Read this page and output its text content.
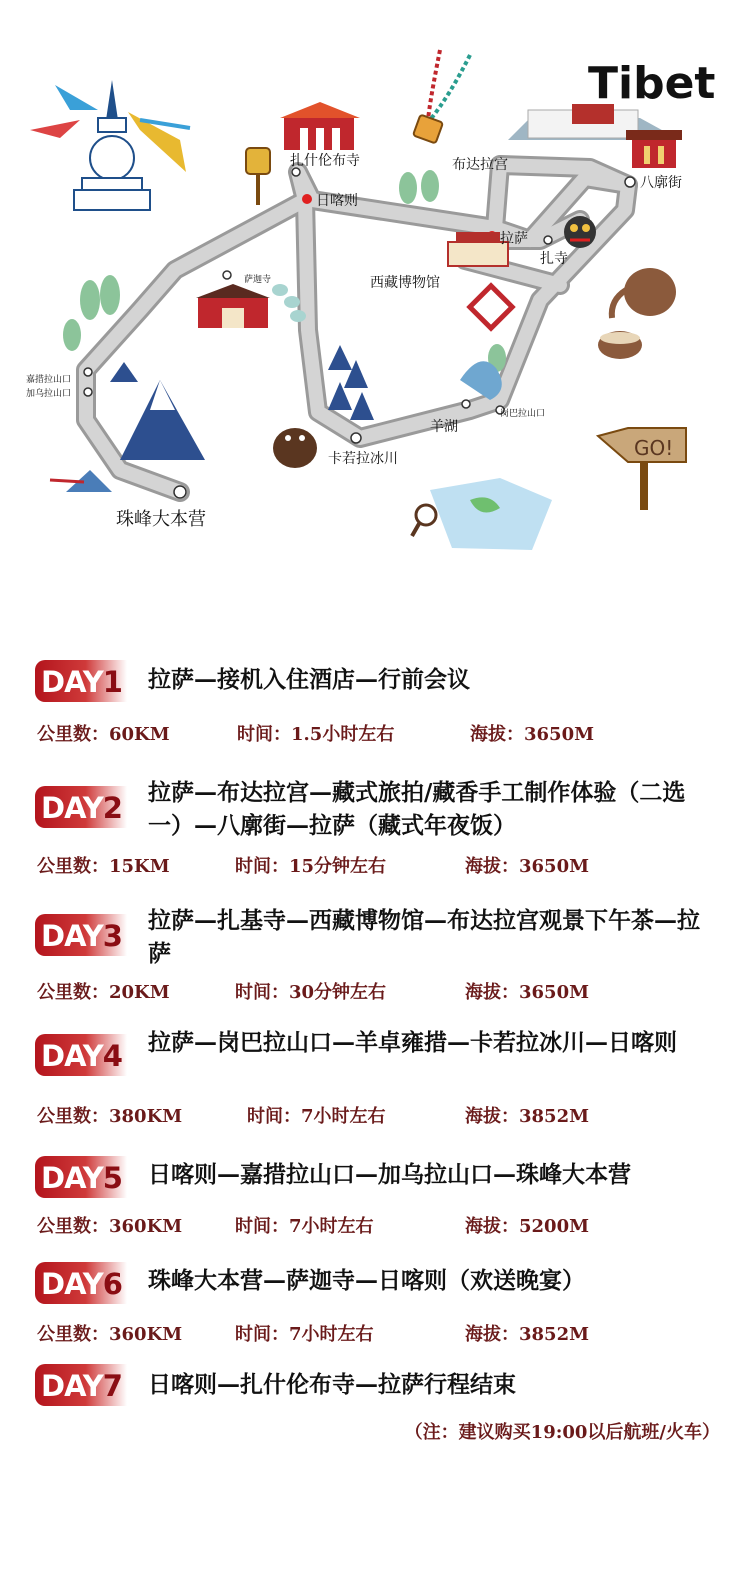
Tibet
扎什伦布寺
日喀则
布达拉宫
八廓街
拉萨
扎寺
西藏博物馆
萨迦寺
嘉措拉山口
加乌拉山口
羊湖
岗巴拉山口
卡若拉冰川
珠峰大本营
GO!
DAY1 拉萨—接机入住酒店—行前会议
公里数：60KM	时间：1.5小时左右	海拔：3650M
DAY2 拉萨—布达拉宫—藏式旅拍/藏香手工制作体验（二选一）—八廓街—拉萨（藏式年夜饭）
公里数：15KM	时间：15分钟左右	海拔：3650M
DAY3 拉萨—扎基寺—西藏博物馆—布达拉宫观景下午茶—拉萨
公里数：20KM	时间：30分钟左右	海拔：3650M
DAY4 拉萨—岗巴拉山口—羊卓雍措—卡若拉冰川—日喀则
公里数：380KM	时间：7小时左右	海拔：3852M
DAY5 日喀则—嘉措拉山口—加乌拉山口—珠峰大本营
公里数：360KM	时间：7小时左右	海拔：5200M
DAY6 珠峰大本营—萨迦寺—日喀则（欢送晚宴）
公里数：360KM	时间：7小时左右	海拔：3852M
DAY7 日喀则—扎什伦布寺—拉萨行程结束
（注：建议购买19:00以后航班/火车）
